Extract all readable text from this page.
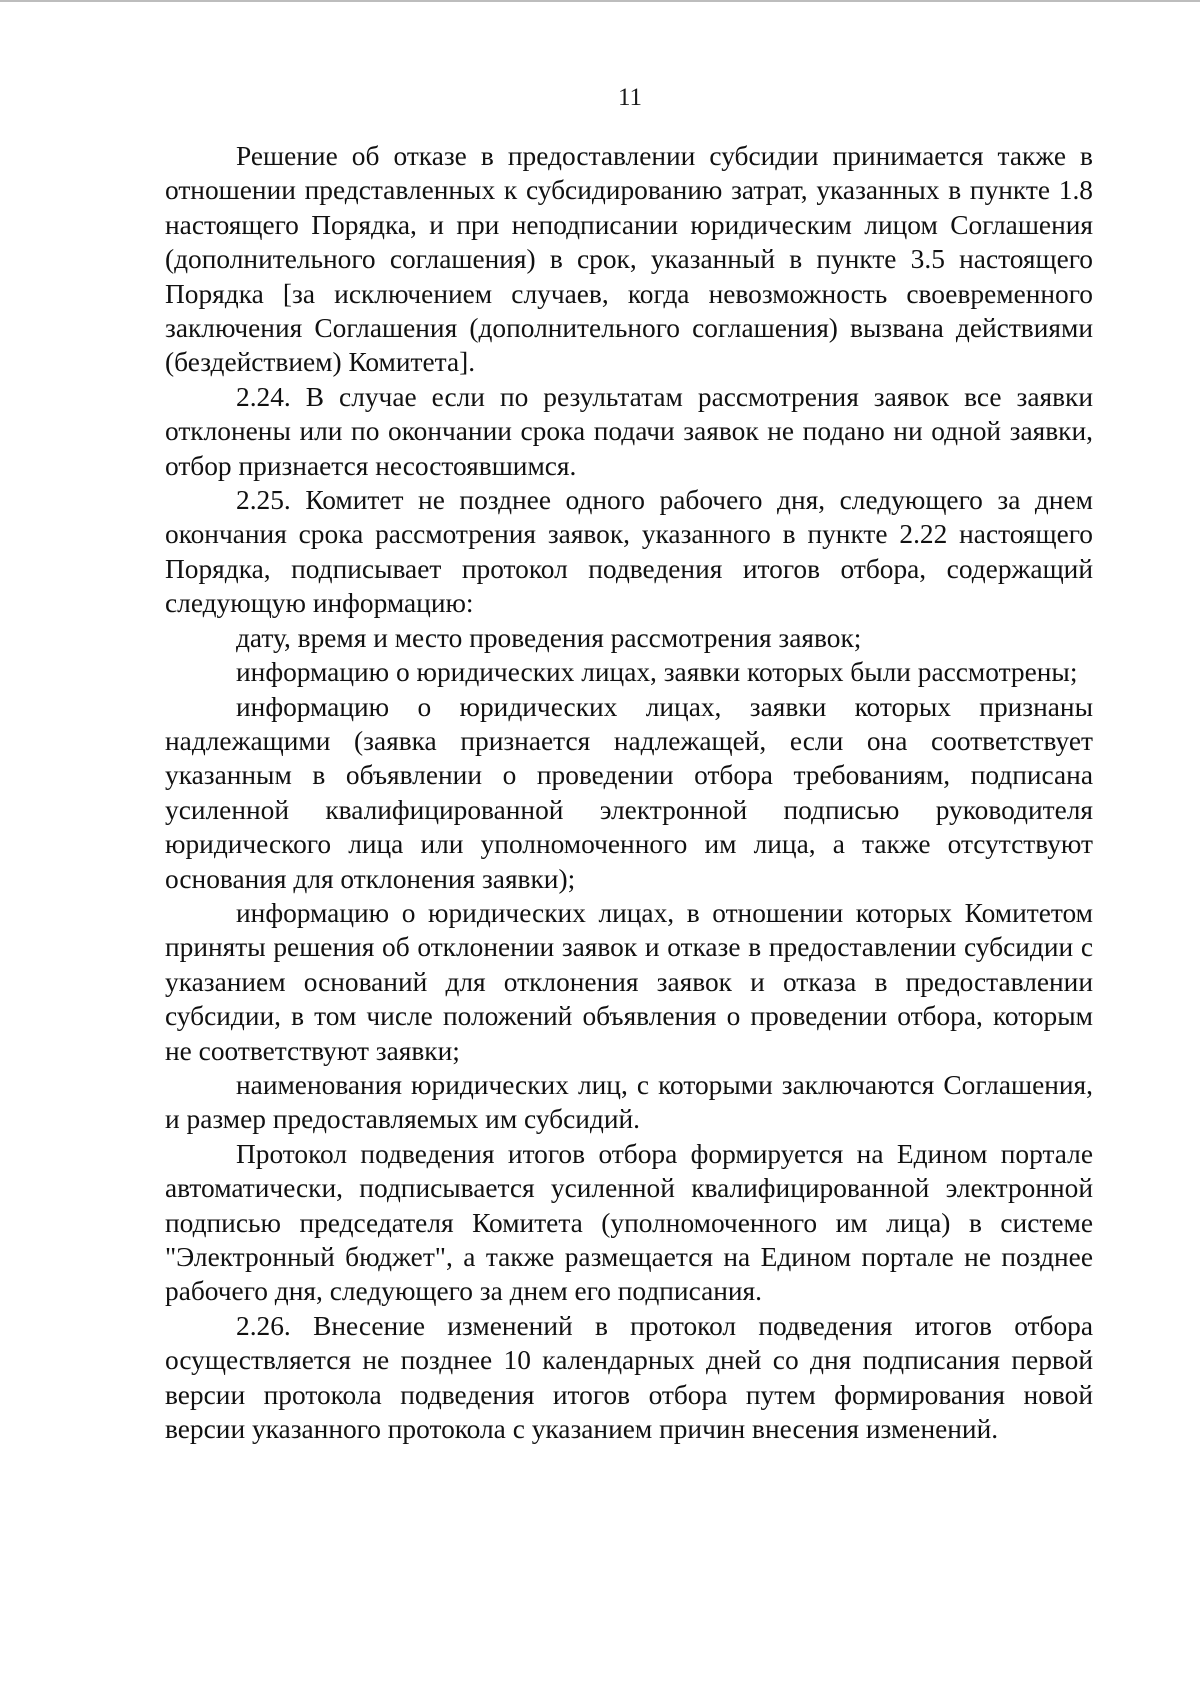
11

Решение об отказе в предоставлении субсидии принимается также в отношении представленных к субсидированию затрат, указанных в пункте 1.8 настоящего Порядка, и при неподписании юридическим лицом Соглашения (дополнительного соглашения) в срок, указанный в пункте 3.5 настоящего Порядка [за исключением случаев, когда невозможность своевременного заключения Соглашения (дополнительного соглашения) вызвана действиями (бездействием) Комитета].

2.24. В случае если по результатам рассмотрения заявок все заявки отклонены или по окончании срока подачи заявок не подано ни одной заявки, отбор признается несостоявшимся.

2.25. Комитет не позднее одного рабочего дня, следующего за днем окончания срока рассмотрения заявок, указанного в пункте 2.22 настоящего Порядка, подписывает протокол подведения итогов отбора, содержащий следующую информацию:

дату, время и место проведения рассмотрения заявок;

информацию о юридических лицах, заявки которых были рассмотрены;

информацию о юридических лицах, заявки которых признаны надлежащими (заявка признается надлежащей, если она соответствует указанным в объявлении о проведении отбора требованиям, подписана усиленной квалифицированной электронной подписью руководителя юридического лица или уполномоченного им лица, а также отсутствуют основания для отклонения заявки);

информацию о юридических лицах, в отношении которых Комитетом приняты решения об отклонении заявок и отказе в предоставлении субсидии с указанием оснований для отклонения заявок и отказа в предоставлении субсидии, в том числе положений объявления о проведении отбора, которым не соответствуют заявки;

наименования юридических лиц, с которыми заключаются Соглашения, и размер предоставляемых им субсидий.

Протокол подведения итогов отбора формируется на Едином портале автоматически, подписывается усиленной квалифицированной электронной подписью председателя Комитета (уполномоченного им лица) в системе "Электронный бюджет", а также размещается на Едином портале не позднее рабочего дня, следующего за днем его подписания.

2.26. Внесение изменений в протокол подведения итогов отбора осуществляется не позднее 10 календарных дней со дня подписания первой версии протокола подведения итогов отбора путем формирования новой версии указанного протокола с указанием причин внесения изменений.
